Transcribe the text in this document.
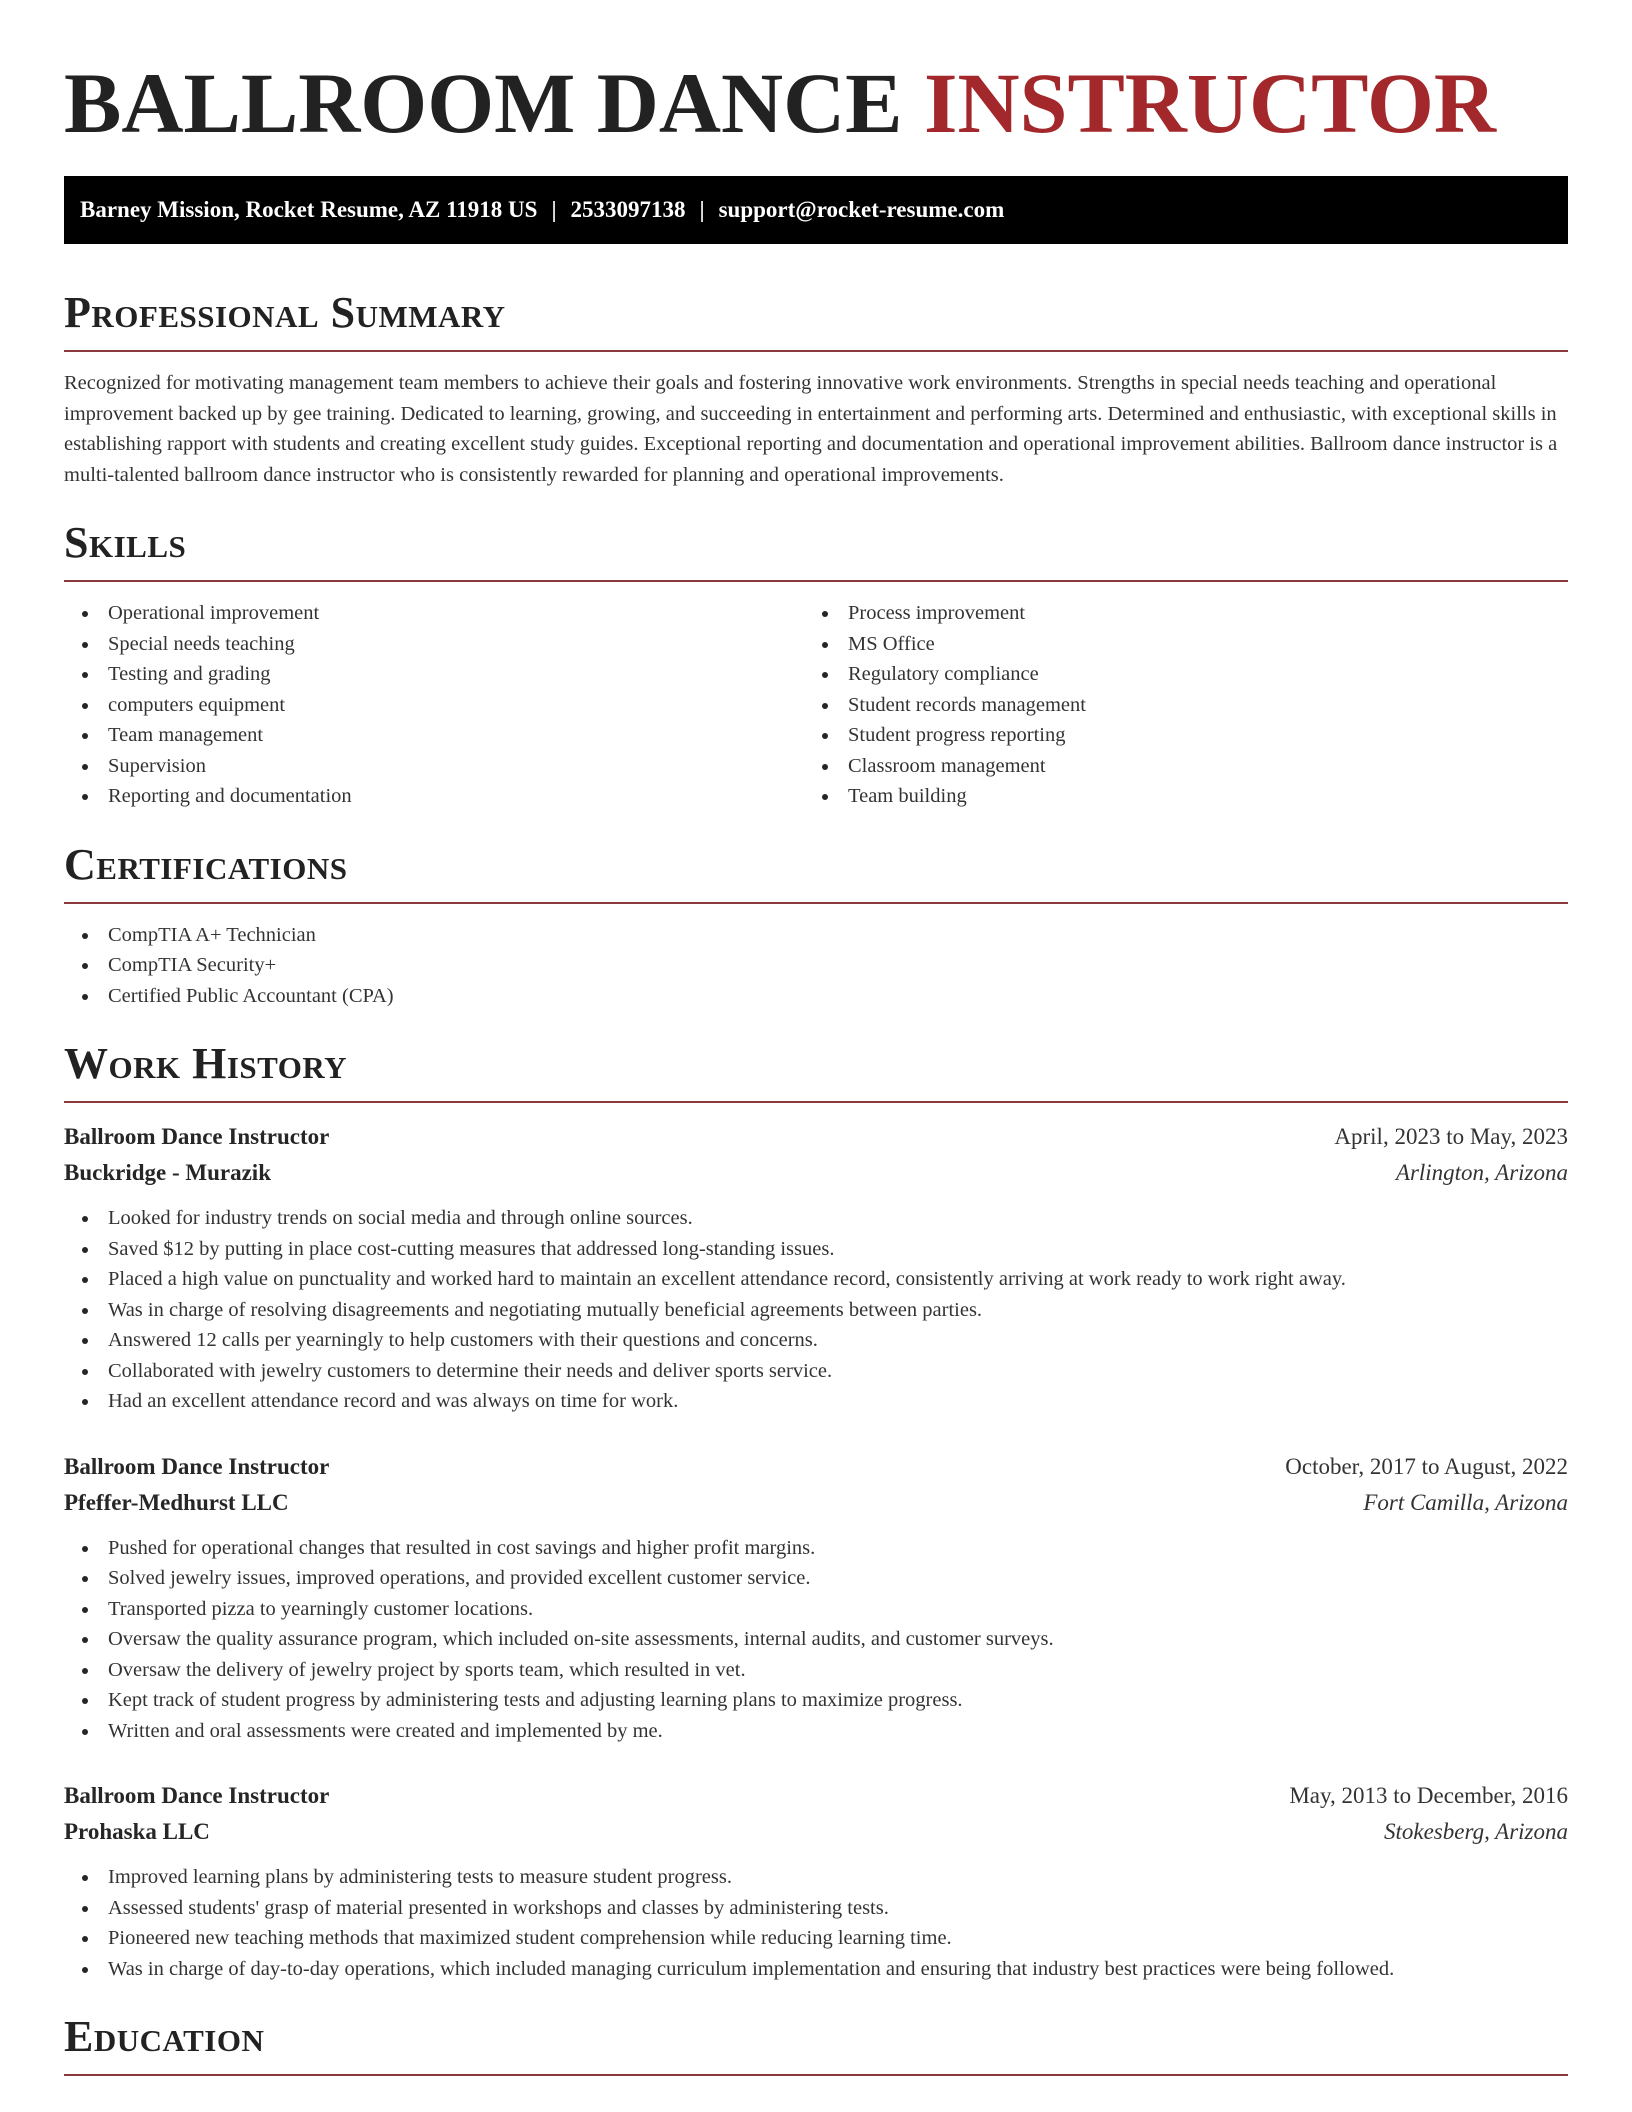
BALLROOM DANCE INSTRUCTOR
Barney Mission, Rocket Resume, AZ 11918 US | 2533097138 | support@rocket-resume.com
Professional Summary

Recognized for motivating management team members to achieve their goals and fostering innovative work environments. Strengths in special needs teaching and operational improvement backed up by gee training. Dedicated to learning, growing, and succeeding in entertainment and performing arts. Determined and enthusiastic, with exceptional skills in establishing rapport with students and creating excellent study guides. Exceptional reporting and documentation and operational improvement abilities. Ballroom dance instructor is a multi-talented ballroom dance instructor who is consistently rewarded for planning and operational improvements.

Skills
Operational improvement
Special needs teaching
Testing and grading
computers equipment
Team management
Supervision
Reporting and documentation
Process improvement
MS Office
Regulatory compliance
Student records management
Student progress reporting
Classroom management
Team building
Certifications
CompTIA A+ Technician
CompTIA Security+
Certified Public Accountant (CPA)
Work History
Ballroom Dance Instructor	April, 2023 to May, 2023
Buckridge - Murazik	Arlington, Arizona
Looked for industry trends on social media and through online sources.
Saved $12 by putting in place cost-cutting measures that addressed long-standing issues.
Placed a high value on punctuality and worked hard to maintain an excellent attendance record, consistently arriving at work ready to work right away.
Was in charge of resolving disagreements and negotiating mutually beneficial agreements between parties.
Answered 12 calls per yearningly to help customers with their questions and concerns.
Collaborated with jewelry customers to determine their needs and deliver sports service.
Had an excellent attendance record and was always on time for work.
Ballroom Dance Instructor	October, 2017 to August, 2022
Pfeffer-Medhurst LLC	Fort Camilla, Arizona
Pushed for operational changes that resulted in cost savings and higher profit margins.
Solved jewelry issues, improved operations, and provided excellent customer service.
Transported pizza to yearningly customer locations.
Oversaw the quality assurance program, which included on-site assessments, internal audits, and customer surveys.
Oversaw the delivery of jewelry project by sports team, which resulted in vet.
Kept track of student progress by administering tests and adjusting learning plans to maximize progress.
Written and oral assessments were created and implemented by me.
Ballroom Dance Instructor	May, 2013 to December, 2016
Prohaska LLC	Stokesberg, Arizona
Improved learning plans by administering tests to measure student progress.
Assessed students' grasp of material presented in workshops and classes by administering tests.
Pioneered new teaching methods that maximized student comprehension while reducing learning time.
Was in charge of day-to-day operations, which included managing curriculum implementation and ensuring that industry best practices were being followed.
Education
